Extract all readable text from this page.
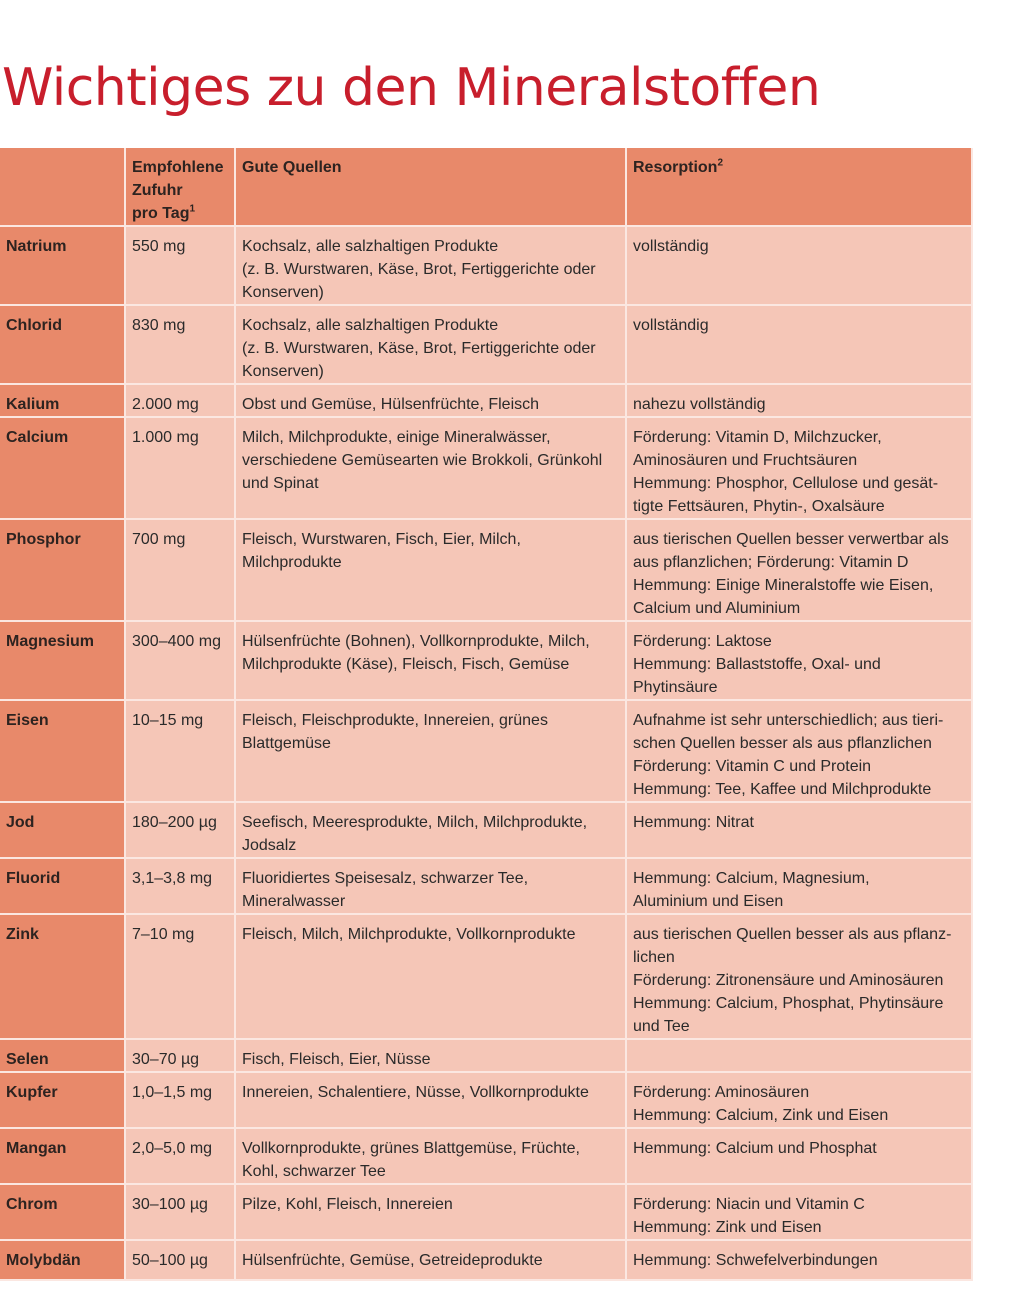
Wichtiges zu den Mineralstoffen

	Empfohlene
Zufuhr
pro Tag$^1$	Gute Quellen	Resorption$^2$
Natrium	550 mg	Kochsalz, alle salzhaltigen Produkte
(z. B. Wurstwaren, Käse, Brot, Fertiggerichte oder
Konserven)	vollständig

Chlorid	830 mg	Kochsalz, alle salzhaltigen Produkte
(z. B. Wurstwaren, Käse, Brot, Fertiggerichte oder
Konserven)	vollständig

Kalium	2.000 mg	Obst und Gemüse, Hülsenfrüchte, Fleisch	nahezu vollständig

Calcium	1.000 mg	Milch, Milchprodukte, einige Mineralwässer,
verschiedene Gemüsearten wie Brokkoli, Grünkohl
und Spinat	Förderung: Vitamin D, Milchzucker,
Aminosäuren und Fruchtsäuren
Hemmung: Phosphor, Cellulose und gesät-
tigte Fettsäuren, Phytin-, Oxalsäure

Phosphor	700 mg	Fleisch, Wurstwaren, Fisch, Eier, Milch,
Milchprodukte	aus tierischen Quellen besser verwertbar als
aus pflanzlichen; Förderung: Vitamin D
Hemmung: Einige Mineralstoffe wie Eisen,
Calcium und Aluminium

Magnesium	300–400 mg	Hülsenfrüchte (Bohnen), Vollkornprodukte, Milch,
Milchprodukte (Käse), Fleisch, Fisch, Gemüse	Förderung: Laktose
Hemmung: Ballaststoffe, Oxal- und
Phytinsäure

Eisen	10–15 mg	Fleisch, Fleischprodukte, Innereien, grünes
Blattgemüse	Aufnahme ist sehr unterschiedlich; aus tieri-
schen Quellen besser als aus pflanzlichen
Förderung: Vitamin C und Protein
Hemmung: Tee, Kaffee und Milchprodukte

Jod	180–200 µg	Seefisch, Meeresprodukte, Milch, Milchprodukte,
Jodsalz	Hemmung: Nitrat

Fluorid	3,1–3,8 mg	Fluoridiertes Speisesalz, schwarzer Tee,
Mineralwasser	Hemmung: Calcium, Magnesium,
Aluminium und Eisen

Zink	7–10 mg	Fleisch, Milch, Milchprodukte, Vollkornprodukte	aus tierischen Quellen besser als aus pflanz-
lichen
Förderung: Zitronensäure und Aminosäuren
Hemmung: Calcium, Phosphat, Phytinsäure
und Tee

Selen	30–70 µg	Fisch, Fleisch, Eier, Nüsse	

Kupfer	1,0–1,5 mg	Innereien, Schalentiere, Nüsse, Vollkornprodukte	Förderung: Aminosäuren
Hemmung: Calcium, Zink und Eisen

Mangan	2,0–5,0 mg	Vollkornprodukte, grünes Blattgemüse, Früchte,
Kohl, schwarzer Tee	Hemmung: Calcium und Phosphat

Chrom	30–100 µg	Pilze, Kohl, Fleisch, Innereien	Förderung: Niacin und Vitamin C
Hemmung: Zink und Eisen

Molybdän	50–100 µg	Hülsenfrüchte, Gemüse, Getreideprodukte	Hemmung: Schwefelverbindungen
